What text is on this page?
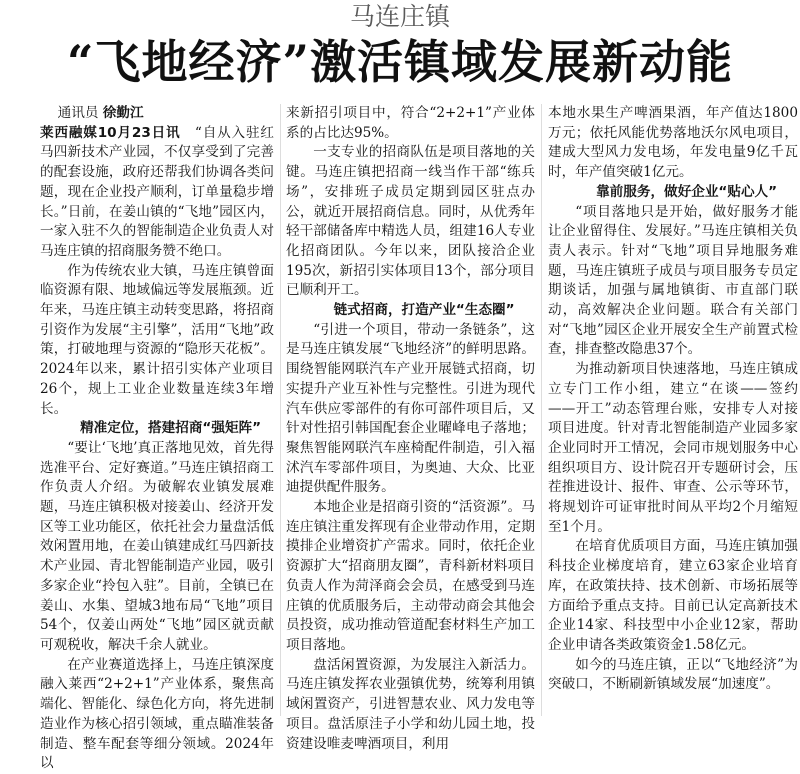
马连庄镇
“飞地经济”激活镇域发展新动能

通讯员 徐勤江

莱西融媒10月23日讯　 “自从入驻红马四新技术产业园，不仅享受到了完善的配套设施，政府还帮我们协调各类问题，现在企业投产顺利，订单量稳步增长。”日前，在姜山镇的“飞地”园区内，一家入驻不久的智能制造企业负责人对马连庄镇的招商服务赞不绝口。

作为传统农业大镇，马连庄镇曾面临资源有限、地域偏远等发展瓶颈。近年来，马连庄镇主动转变思路，将招商引资作为发展“主引擎”，活用“飞地”政策，打破地理与资源的“隐形天花板”。2024年以来，累计招引实体产业项目26个，规上工业企业数量连续3年增长。

精准定位，搭建招商“强矩阵”

“要让‘飞地’真正落地见效，首先得选准平台、定好赛道。”马连庄镇招商工作负责人介绍。为破解农业镇发展难题，马连庄镇积极对接姜山、经济开发区等工业功能区，依托社会力量盘活低效闲置用地，在姜山镇建成红马四新技术产业园、青北智能制造产业园，吸引多家企业“拎包入驻”。目前，全镇已在姜山、水集、望城3地布局“飞地”项目54个，仅姜山两处“飞地”园区就贡献可观税收，解决千余人就业。

在产业赛道选择上，马连庄镇深度融入莱西“2+2+1”产业体系，聚焦高端化、智能化、绿色化方向，将先进制造业作为核心招引领域，重点瞄准装备制造、整车配套等细分领域。2024年以

来新招引项目中，符合“2+2+1”产业体系的占比达95%。

一支专业的招商队伍是项目落地的关键。马连庄镇把招商一线当作干部“练兵场”，安排班子成员定期到园区驻点办公，就近开展招商信息。同时，从优秀年轻干部储备库中精选人员，组建16人专业化招商团队。今年以来，团队接洽企业195次，新招引实体项目13个，部分项目已顺利开工。

链式招商，打造产业“生态圈”

“引进一个项目，带动一条链条”，这是马连庄镇发展“飞地经济”的鲜明思路。围绕智能网联汽车产业开展链式招商，切实提升产业互补性与完整性。引进为现代汽车供应零部件的有你可部件项目后，又针对性招引韩国配套企业曜峰电子落地；聚焦智能网联汽车座椅配件制造，引入福沭汽车零部件项目，为奥迪、大众、比亚迪提供配件服务。

本地企业是招商引资的“活资源”。马连庄镇注重发挥现有企业带动作用，定期摸排企业增资扩产需求。同时，依托企业资源扩大“招商朋友圈”，青科新材料项目负责人作为菏泽商会会员，在感受到马连庄镇的优质服务后，主动带动商会其他会员投资，成功推动管道配套材料生产加工项目落地。

盘活闲置资源，为发展注入新活力。马连庄镇发挥农业强镇优势，统筹利用镇域闲置资产，引进智慧农业、风力发电等项目。盘活原洼子小学和幼儿园土地，投资建设唯麦啤酒项目，利用

本地水果生产啤酒果酒，年产值达1800万元；依托风能优势落地沃尔风电项目，建成大型风力发电场，年发电量9亿千瓦时，年产值突破1亿元。

靠前服务，做好企业“贴心人”

“项目落地只是开始，做好服务才能让企业留得住、发展好。”马连庄镇相关负责人表示。针对“飞地”项目异地服务难题，马连庄镇班子成员与项目服务专员定期谈话，加强与属地镇街、市直部门联动，高效解决企业问题。联合有关部门对“飞地”园区企业开展安全生产前置式检查，排查整改隐患37个。

为推动新项目快速落地，马连庄镇成立专门工作小组，建立“在谈——签约——开工”动态管理台账，安排专人对接项目进度。针对青北智能制造产业园多家企业同时开工情况，会同市规划服务中心组织项目方、设计院召开专题研讨会，压茬推进设计、报件、审查、公示等环节，将规划许可证审批时间从平均2个月缩短至1个月。

在培育优质项目方面，马连庄镇加强科技企业梯度培育，建立63家企业培育库，在政策扶持、技术创新、市场拓展等方面给予重点支持。目前已认定高新技术企业14家、科技型中小企业12家，帮助企业申请各类政策资金1.58亿元。

如今的马连庄镇，正以“飞地经济”为突破口，不断刷新镇域发展“加速度”。
